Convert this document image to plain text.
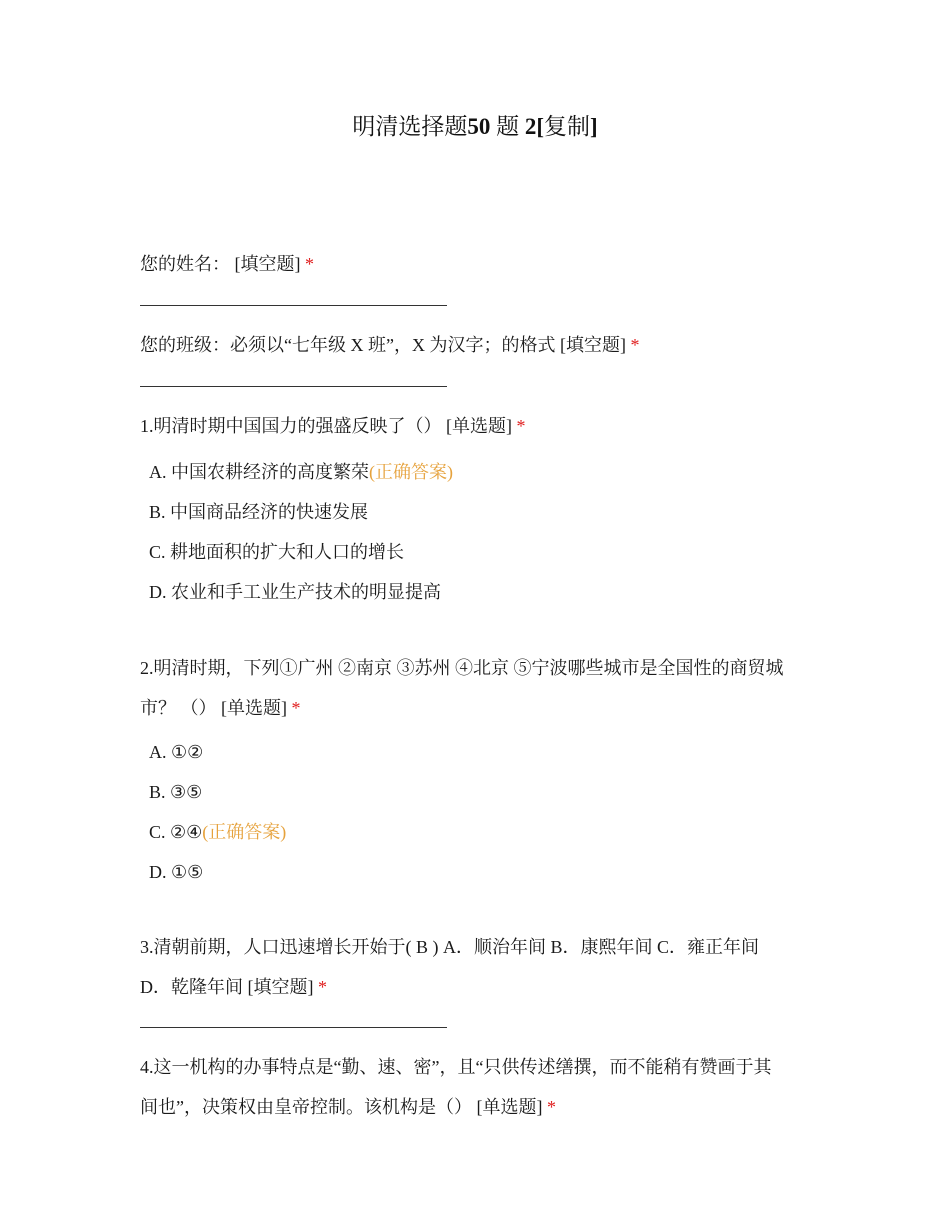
明清选择题50 题 2[复制]
您的姓名： [填空题] *
您的班级：必须以“七年级 X 班”，X 为汉字；的格式 [填空题] *
1.明清时期中国国力的强盛反映了（） [单选题] *
A. 中国农耕经济的高度繁荣(正确答案)
B. 中国商品经济的快速发展
C. 耕地面积的扩大和人口的增长
D. 农业和手工业生产技术的明显提高
2.明清时期，下列①广州 ②南京 ③苏州 ④北京 ⑤宁波哪些城市是全国性的商贸城
市？ （） [单选题] *
A. ①②
B. ③⑤
C. ②④(正确答案)
D. ①⑤
3.清朝前期，人口迅速增长开始于( B ) A．顺治年间 B．康熙年间 C．雍正年间
D．乾隆年间 [填空题] *
4.这一机构的办事特点是“勤、速、密”，且“只供传述缮撰，而不能稍有赞画于其
间也”，决策权由皇帝控制。该机构是（） [单选题] *
